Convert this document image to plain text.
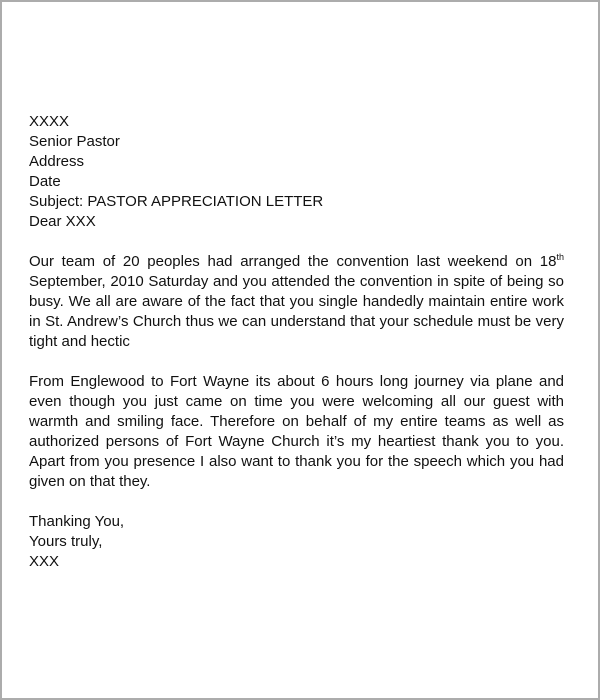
XXXX
Senior Pastor
Address
Date
Subject: PASTOR APPRECIATION LETTER
Dear XXX

Our team of 20 peoples had arranged the convention last weekend on 18th September, 2010 Saturday and you attended the convention in spite of being so busy. We all are aware of the fact that you single handedly maintain entire work in St. Andrew’s Church thus we can understand that your schedule must be very tight and hectic

From Englewood to Fort Wayne its about 6 hours long journey via plane and even though you just came on time you were welcoming all our guest with warmth and smiling face. Therefore on behalf of my entire teams as well as authorized persons of Fort Wayne Church it’s my heartiest thank you to you. Apart from you presence I also want to thank you for the speech which you had given on that they.

Thanking You,
Yours truly,
XXX
